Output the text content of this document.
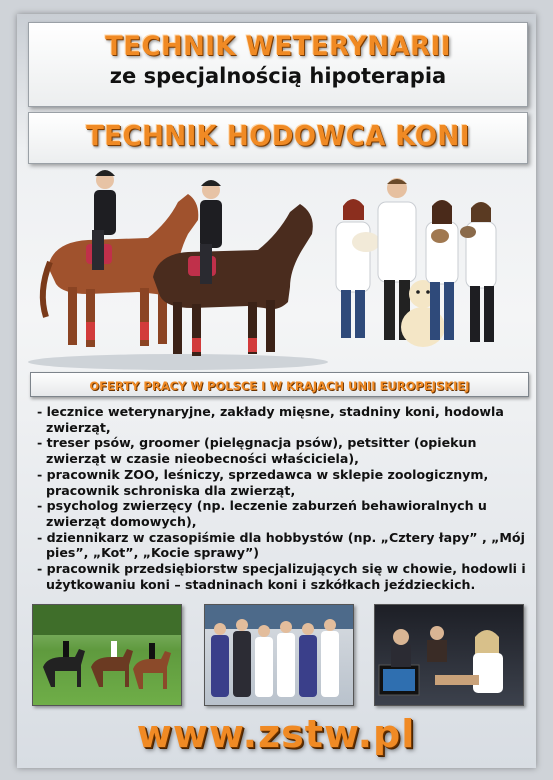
TECHNIK WETERYNARII
ze specjalnością hipoterapia
TECHNIK HODOWCA KONI
OFERTY PRACY W POLSCE I W KRAJACH UNII EUROPEJSKIEJ
- lecznice weterynaryjne, zakłady mięsne, stadniny koni, hodowla zwierząt,
- treser psów, groomer (pielęgnacja psów), petsitter (opiekun zwierząt w czasie nieobecności właściciela),
- pracownik ZOO, leśniczy, sprzedawca w sklepie zoologicznym, pracownik schroniska dla zwierząt,
- psycholog zwierzęcy (np. leczenie zaburzeń behawioralnych u zwierząt domowych),
- dziennikarz w czasopiśmie dla hobbystów (np. „Cztery łapy” , „Mój pies”, „Kot”, „Kocie sprawy”)
- pracownik przedsiębiorstw specjalizujących się w chowie, hodowli i użytkowaniu koni – stadninach koni i szkółkach jeździeckich.
www.zstw.pl
